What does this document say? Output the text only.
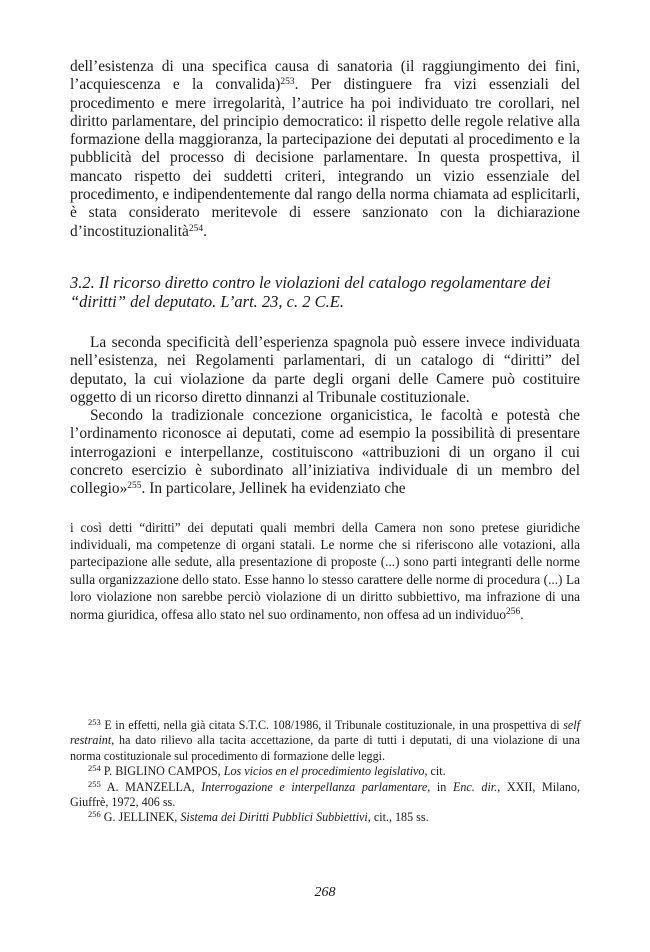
dell’esistenza di una specifica causa di sanatoria (il raggiungimento dei fini, l’acquiescenza e la convalida)$^{253}$. Per distinguere fra vizi essenziali del procedimento e mere irregolarità, l’autrice ha poi individuato tre corollari, nel diritto parlamentare, del principio democratico: il rispetto delle regole relative alla formazione della maggioranza, la partecipazione dei deputati al procedimento e la pubblicità del processo di decisione parlamentare. In questa prospettiva, il mancato rispetto dei suddetti criteri, integrando un vizio essenziale del procedimento, e indipendentemente dal rango della norma chiamata ad esplicitarli, è stata considerato meritevole di essere sanzionato con la dichiarazione d’incostituzionalità$^{254}$.

3.2. Il ricorso diretto contro le violazioni del catalogo regolamentare dei “diritti” del deputato. L’art. 23, c. 2 C.E.

La seconda specificità dell’esperienza spagnola può essere invece individuata nell’esistenza, nei Regolamenti parlamentari, di un catalogo di “diritti” del deputato, la cui violazione da parte degli organi delle Camere può costituire oggetto di un ricorso diretto dinnanzi al Tribunale costituzionale.

Secondo la tradizionale concezione organicistica, le facoltà e potestà che l’ordinamento riconosce ai deputati, come ad esempio la possibilità di presentare interrogazioni e interpellanze, costituiscono «attribuzioni di un organo il cui concreto esercizio è subordinato all’iniziativa individuale di un membro del collegio»$^{255}$. In particolare, Jellinek ha evidenziato che

i così detti “diritti” dei deputati quali membri della Camera non sono pretese giuridiche individuali, ma competenze di organi statali. Le norme che si riferiscono alle votazioni, alla partecipazione alle sedute, alla presentazione di proposte (...) sono parti integranti delle norme sulla organizzazione dello stato. Esse hanno lo stesso carattere delle norme di procedura (...) La loro violazione non sarebbe perciò violazione di un diritto subbiettivo, ma infrazione di una norma giuridica, offesa allo stato nel suo ordinamento, non offesa ad un individuo$^{256}$.

$^{253}$ E in effetti, nella già citata S.T.C. 108/1986, il Tribunale costituzionale, in una prospettiva di self restraint, ha dato rilievo alla tacita accettazione, da parte di tutti i deputati, di una violazione di una norma costituzionale sul procedimento di formazione delle leggi.

$^{254}$ P. BIGLINO CAMPOS, Los vicios en el procedimiento legislativo, cit.

$^{255}$ A. MANZELLA, Interrogazione e interpellanza parlamentare, in Enc. dir., XXII, Milano, Giuffrè, 1972, 406 ss.

$^{256}$ G. JELLINEK, Sistema dei Diritti Pubblici Subbiettivi, cit., 185 ss.

268
